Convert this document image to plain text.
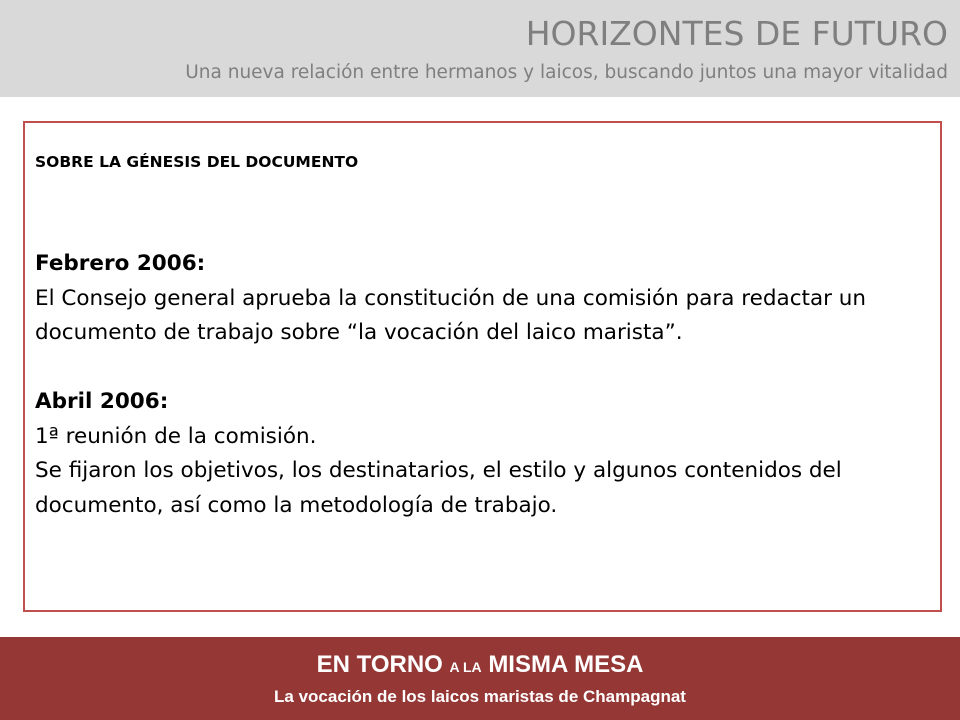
HORIZONTES DE FUTURO
Una nueva relación entre hermanos y laicos, buscando juntos una mayor vitalidad
SOBRE LA GÉNESIS DEL DOCUMENTO

Febrero 2006:

El Consejo general aprueba la constitución de una comisión para redactar un documento de trabajo sobre “la vocación del laico marista”.

Abril 2006:

1ª reunión de la comisión.

Se fijaron los objetivos, los destinatarios, el estilo y algunos contenidos del documento, así como la metodología de trabajo.

EN TORNO A LA MISMA MESA
La vocación de los laicos maristas de Champagnat
